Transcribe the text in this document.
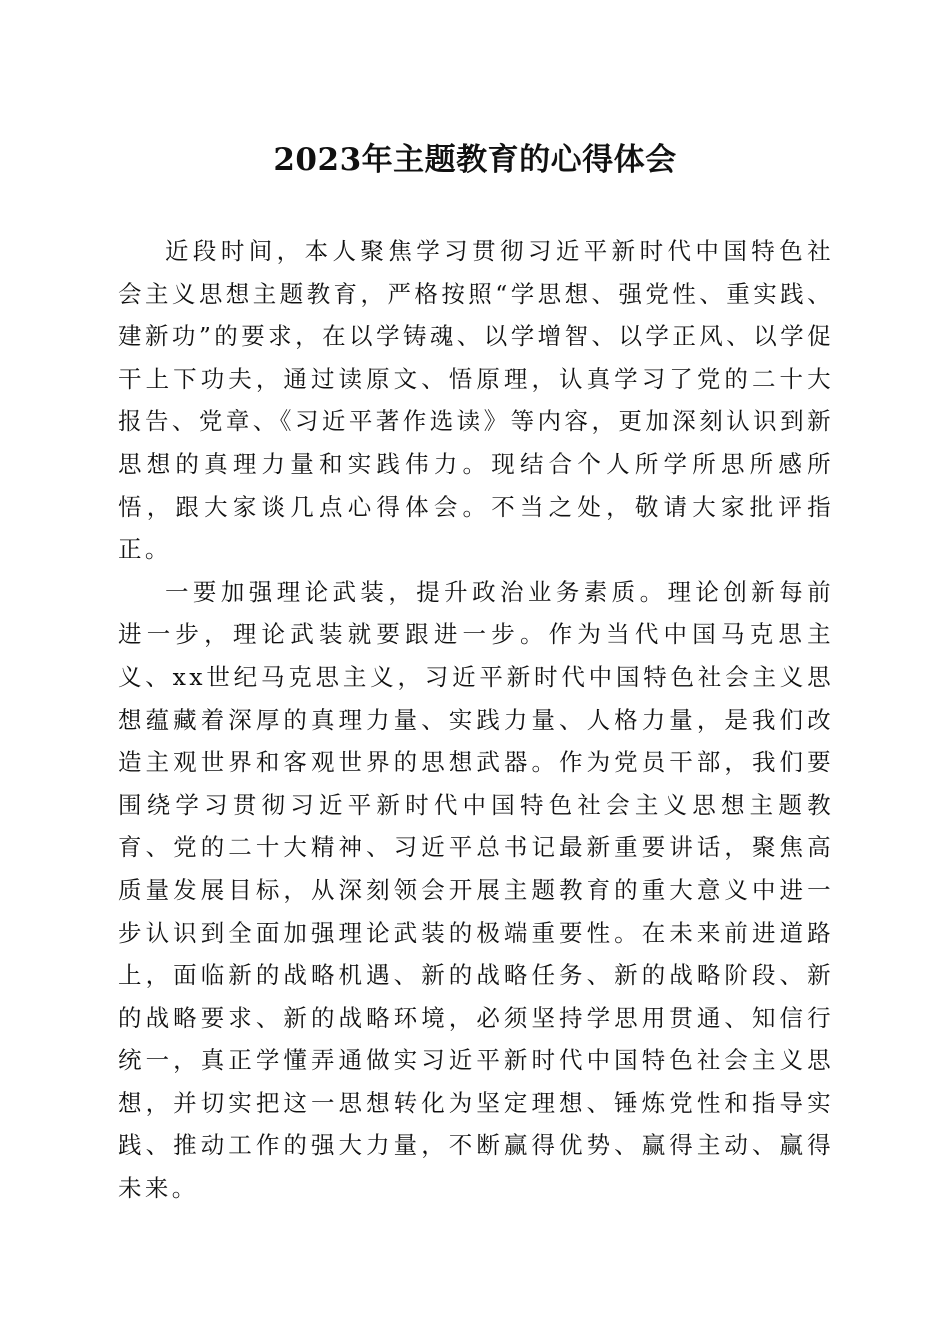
2023年主题教育的心得体会

近段时间，本人聚焦学习贯彻习近平新时代中国特色社会主义思想主题教育，严格按照“学思想、强党性、重实践、建新功”的要求，在以学铸魂、以学增智、以学正风、以学促干上下功夫，通过读原文、悟原理，认真学习了党的二十大报告、党章、《习近平著作选读》等内容，更加深刻认识到新思想的真理力量和实践伟力。现结合个人所学所思所感所悟，跟大家谈几点心得体会。不当之处，敬请大家批评指正。

一要加强理论武装，提升政治业务素质。理论创新每前进一步，理论武装就要跟进一步。作为当代中国马克思主义、xx世纪马克思主义，习近平新时代中国特色社会主义思想蕴藏着深厚的真理力量、实践力量、人格力量，是我们改造主观世界和客观世界的思想武器。作为党员干部，我们要围绕学习贯彻习近平新时代中国特色社会主义思想主题教育、党的二十大精神、习近平总书记最新重要讲话，聚焦高质量发展目标，从深刻领会开展主题教育的重大意义中进一步认识到全面加强理论武装的极端重要性。在未来前进道路上，面临新的战略机遇、新的战略任务、新的战略阶段、新的战略要求、新的战略环境，必须坚持学思用贯通、知信行统一，真正学懂弄通做实习近平新时代中国特色社会主义思想，并切实把这一思想转化为坚定理想、锤炼党性和指导实践、推动工作的强大力量，不断赢得优势、赢得主动、赢得未来。
